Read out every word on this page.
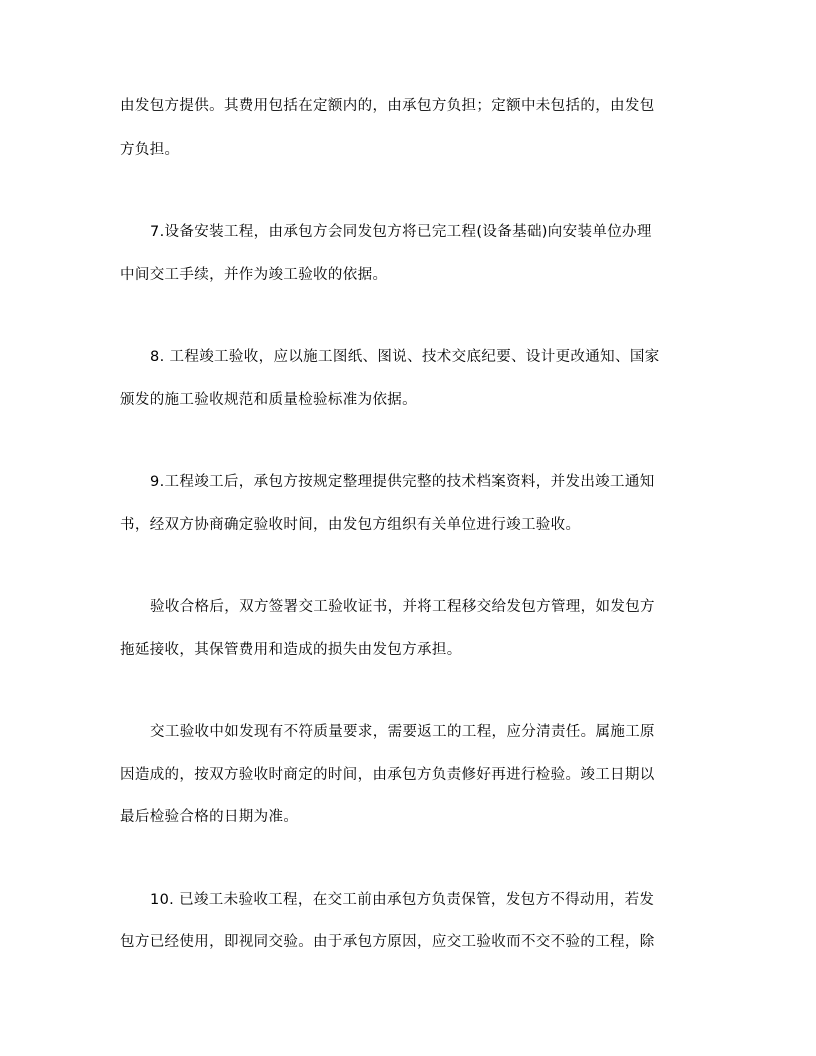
由发包方提供。其费用包括在定额内的，由承包方负担；定额中未包括的，由发包
方负担。
7.设备安装工程，由承包方会同发包方将已完工程(设备基础)向安装单位办理
中间交工手续，并作为竣工验收的依据。
8. 工程竣工验收，应以施工图纸、图说、技术交底纪要、设计更改通知、国家
颁发的施工验收规范和质量检验标准为依据。
9.工程竣工后，承包方按规定整理提供完整的技术档案资料，并发出竣工通知
书，经双方协商确定验收时间，由发包方组织有关单位进行竣工验收。
验收合格后，双方签署交工验收证书，并将工程移交给发包方管理，如发包方
拖延接收，其保管费用和造成的损失由发包方承担。
交工验收中如发现有不符质量要求，需要返工的工程，应分清责任。属施工原
因造成的，按双方验收时商定的时间，由承包方负责修好再进行检验。竣工日期以
最后检验合格的日期为准。
10. 已竣工未验收工程，在交工前由承包方负责保管，发包方不得动用，若发
包方已经使用，即视同交验。由于承包方原因，应交工验收而不交不验的工程，除
